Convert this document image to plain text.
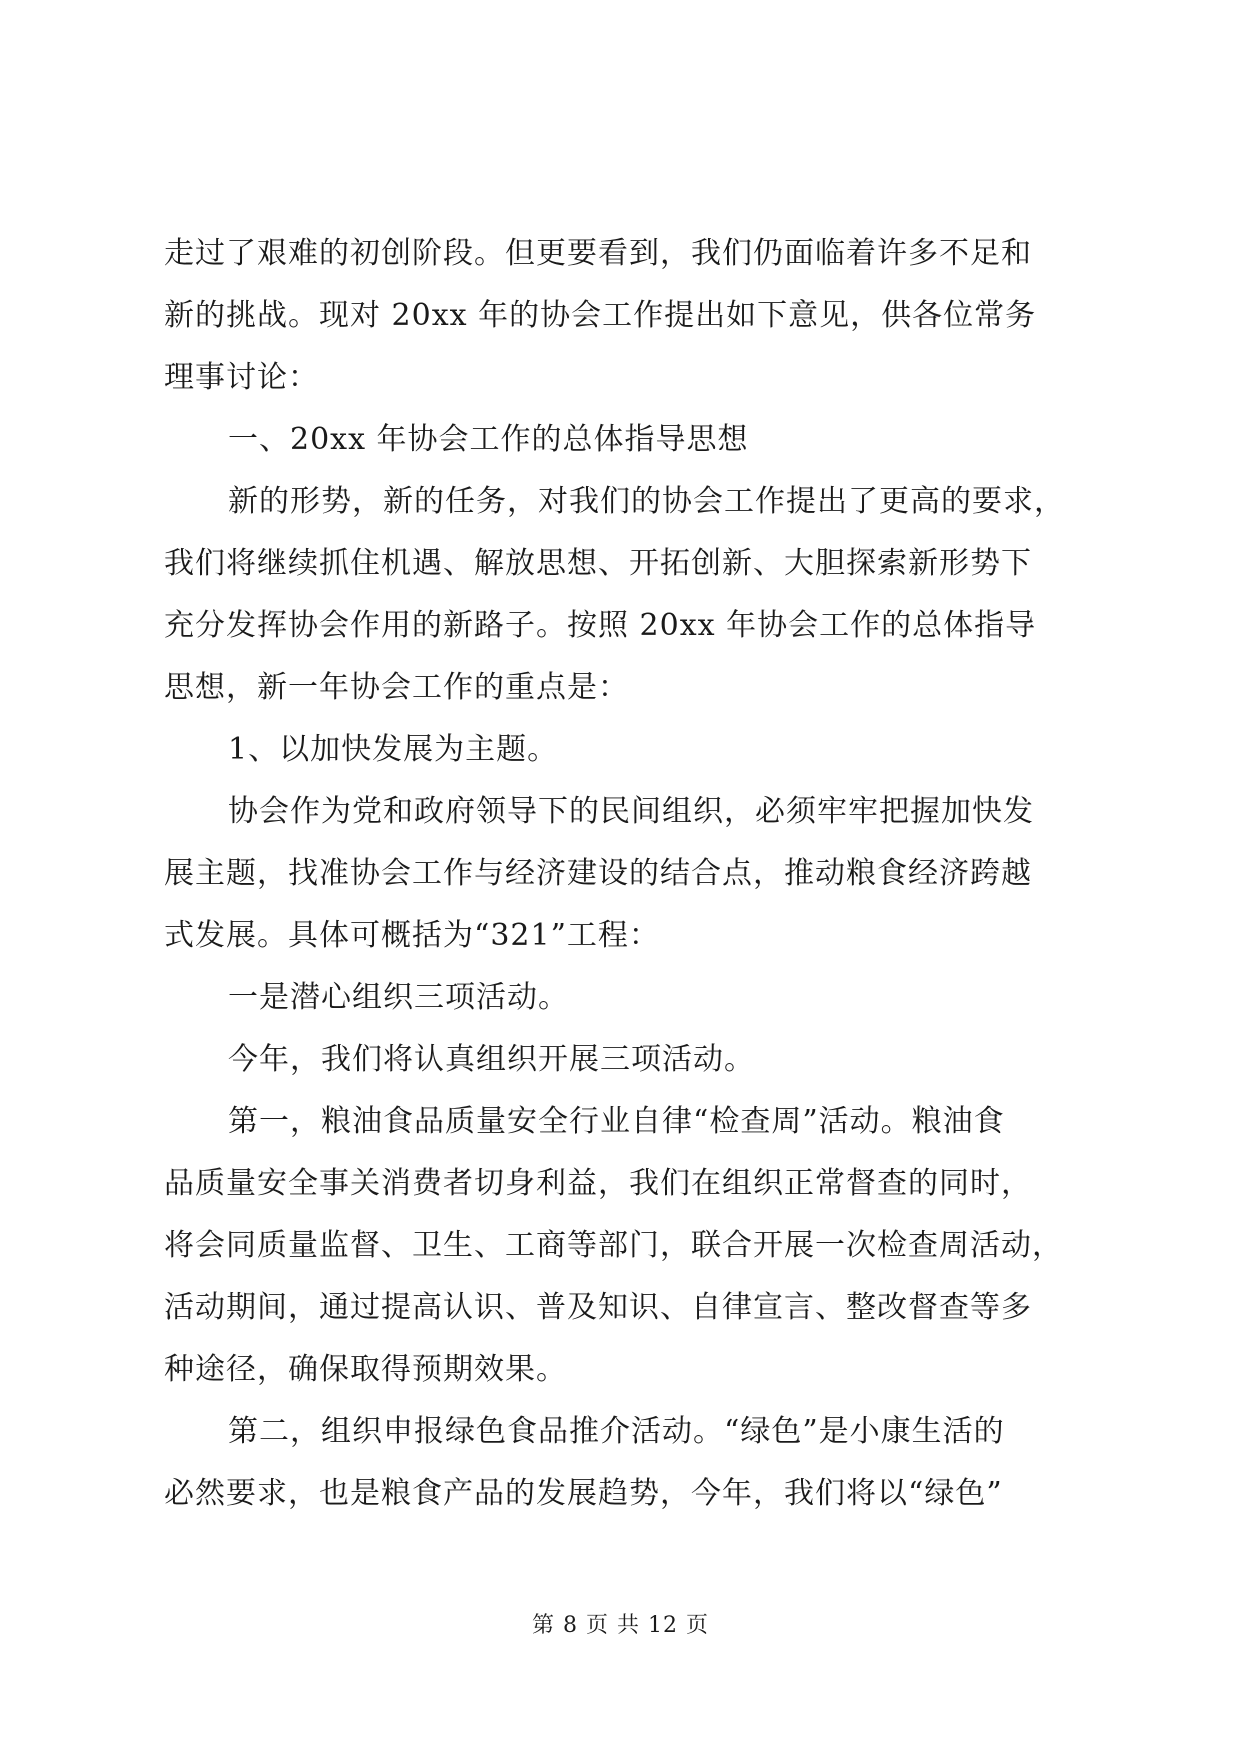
走过了艰难的初创阶段。但更要看到，我们仍面临着许多不足和
新的挑战。现对 20xx 年的协会工作提出如下意见，供各位常务
理事讨论：
一、20xx 年协会工作的总体指导思想
新的形势，新的任务，对我们的协会工作提出了更高的要求，
我们将继续抓住机遇、解放思想、开拓创新、大胆探索新形势下
充分发挥协会作用的新路子。按照 20xx 年协会工作的总体指导
思想，新一年协会工作的重点是：
1、以加快发展为主题。
协会作为党和政府领导下的民间组织，必须牢牢把握加快发
展主题，找准协会工作与经济建设的结合点，推动粮食经济跨越
式发展。具体可概括为“321”工程：
一是潜心组织三项活动。
今年，我们将认真组织开展三项活动。
第一，粮油食品质量安全行业自律“检查周”活动。粮油食
品质量安全事关消费者切身利益，我们在组织正常督查的同时，
将会同质量监督、卫生、工商等部门，联合开展一次检查周活动，
活动期间，通过提高认识、普及知识、自律宣言、整改督查等多
种途径，确保取得预期效果。
第二，组织申报绿色食品推介活动。“绿色”是小康生活的
必然要求，也是粮食产品的发展趋势，今年，我们将以“绿色”
第 8 页 共 12 页
